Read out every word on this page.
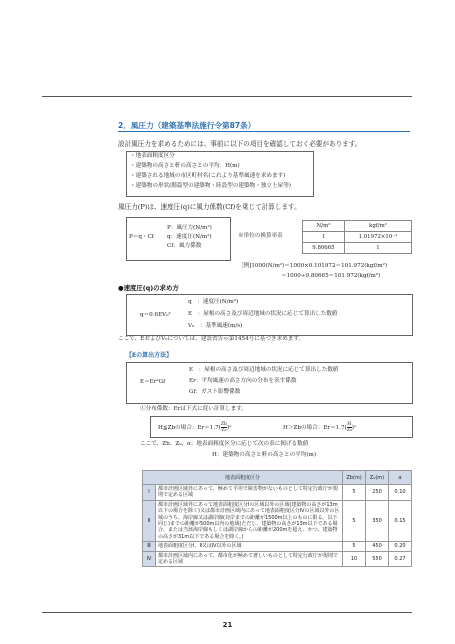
2．風圧力（建築基準法施行令第87条）
設計風圧力を求めるためには、事前に以下の項目を確認しておく必要があります。
・地表面粗度区分
・建築物の高さと軒の高さとの平均：H(m)
・建築される地域の市区町村名(これより基準風速を求めます)
・建築物の形状(階篇型の建築物・陸設型の建築物・独立上屋等)
風圧力(P)は、速度圧(q)に風力係数(Cf)を乗じて計算します。
P＝q・Cf
P：風圧力(N/m²)
q：速度圧(N/m²)
Cf：風力係数
※単位の換算率表
N/m²	kgf/m²
1	1.01972×10⁻¹
9.80665	1
［例]1000(N/m²)＝1000×0.101972＝101.972(kgf/m²)
＝1000÷9.80665＝101.972(kgf/m²)
●速度圧(q)の求め方
q＝0.6EV₀²
q　：速度圧(N/m²)
E　：屋根の高さ及び周辺地域の状況に応じて算出した数値
V₀　：基準風速(m/s)
ここで、EおよびV₀については、建設省告示第1454号に基づき求めます。
【Eの算出方法】
E＝Er²Gf
E　：屋根の高さ及び周辺地域の状況に応じて算出した数値
Er：平均風速の高さ方向の分布を表す係数
Gf：ガスト影響係数
①分布係数：Erは下式に従い計算します。
H≦Zbの場合：$Er=1.7( \frac{Zb}{\text{Z₀}}$ )ᵅ	H＞Zbの場合：$Er=1.7( \frac{H}{\text{Z₀}}$ )ᵅ
ここで、Zb、Z₀、α：地表面粗度区分に応じて次の表に掲げる数値
H：建築物の高さと軒の高さとの平均(m)
地表面粗度区分		Zb(m)	Z₀(m)	α
Ⅰ	都市計画区域外にあって、極めて平坦で障害物がないものとして特定行政庁が規則で定める区域	5	250	0.10
Ⅱ	都市計画区域外にあって地表面粗度区分Ⅰの区域以外の区域(建築物の高さが13m以下の場合を除く)又は都市計画区域内にあって地表面粗度区分Ⅳの区域以外の区域のうち、海岸線又は湖岸線(対岸までの距離が1500m以上のものに限る。以下同じ)までの距離が500m以内の地域(ただし、建築物の高さが13m以下である場合、または当該海岸線もしくは湖岸線からの距離が200mを超え、かつ、建築物の高さが31m以下である場合を除く。)	5	350	0.15
Ⅲ	地表面粗度区分Ⅰ、Ⅱ又はⅣ以外の区域	5	450	0.20
Ⅳ	都市計画区域内にあって、都市化が極めて著しいものとして特定行政庁が規則で定める区域	10	550	0.27
21
